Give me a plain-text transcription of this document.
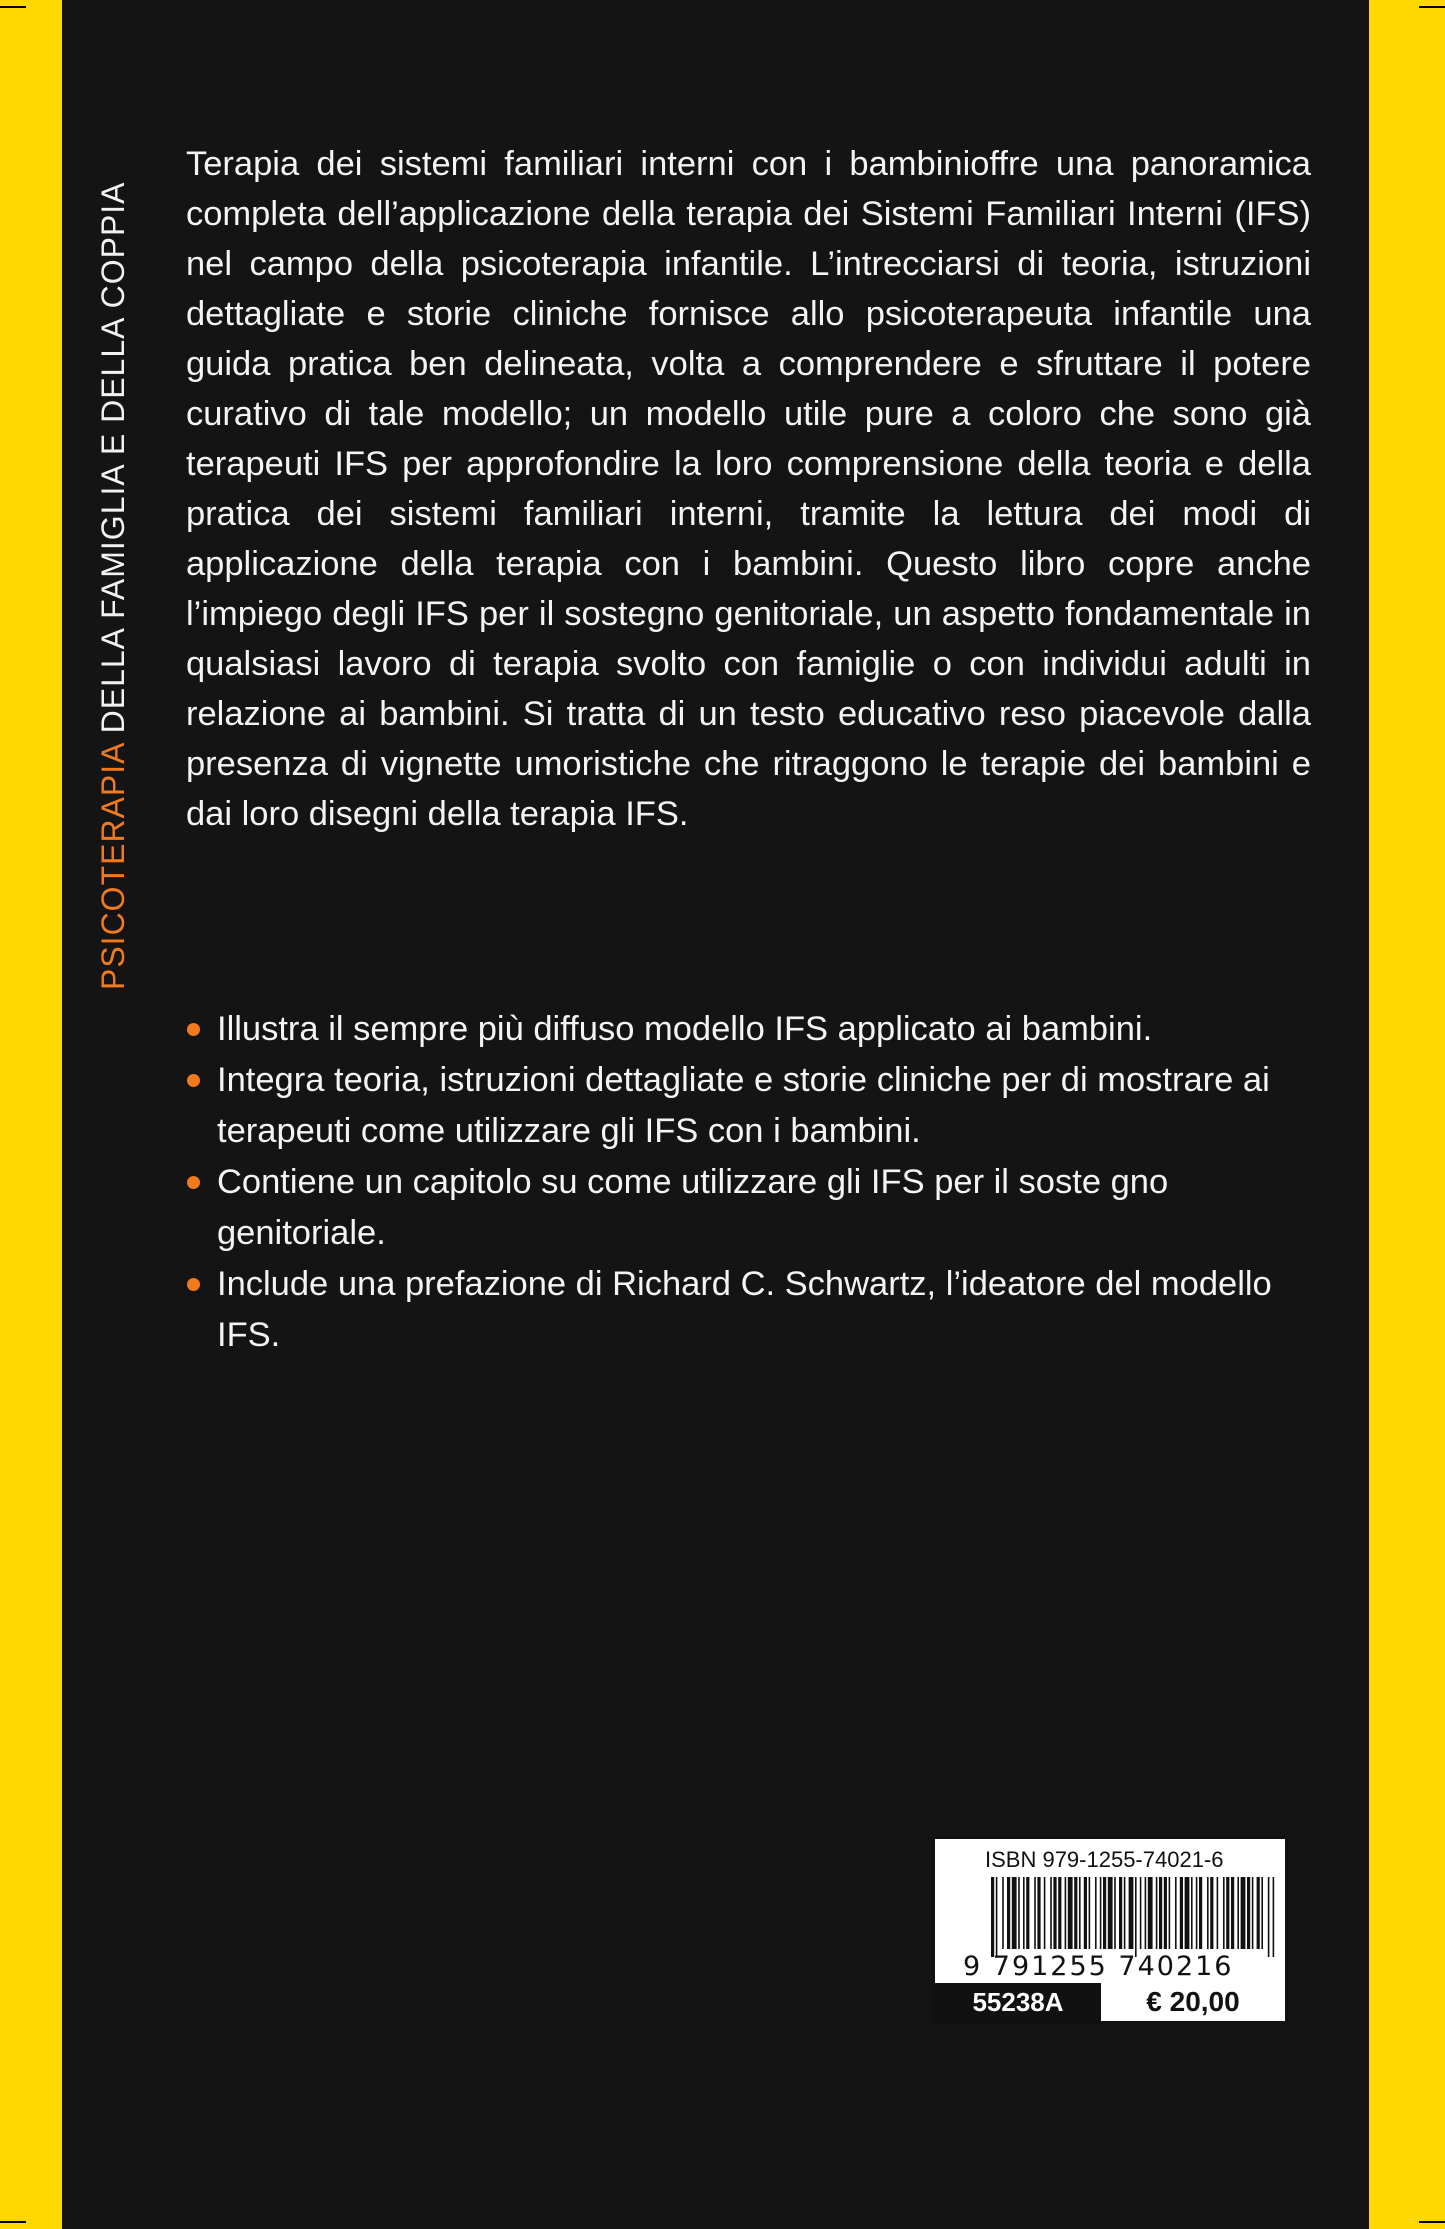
PSICOTERAPIA DELLA FAMIGLIA E DELLA COPPIA

Terapia dei sistemi familiari interni con i bambinioffre una panoramica completa dell’applicazione della terapia dei Sistemi Familiari Interni (IFS) nel campo della psicoterapia infantile. L’intrecciarsi di teoria, istruzioni dettagliate e storie cliniche fornisce allo psicoterapeuta infantile una guida pratica ben delineata, volta a comprendere e sfruttare il potere curativo di tale modello; un modello utile pure a coloro che sono già terapeuti IFS per approfondire la loro comprensione della teoria e della pratica dei sistemi familiari interni, tramite la lettura dei modi di applicazione della terapia con i bambini. Questo libro copre anche l’impiego degli IFS per il sostegno genitoriale, un aspetto fondamentale in qualsiasi lavoro di terapia svolto con famiglie o con individui adulti in relazione ai bambini. Si tratta di un testo educativo reso piacevole dalla presenza di vignette umoristiche che ritraggono le terapie dei bambini e dai loro disegni della terapia IFS.

Illustra il sempre più diffuso modello IFS applicato ai bambini.
Integra teoria, istruzioni dettagliate e storie cliniche per di mostrare ai terapeuti come utilizzare gli IFS con i bambini.
Contiene un capitolo su come utilizzare gli IFS per il soste gno genitoriale.
Include una prefazione di Richard C. Schwartz, l’ideatore del modello IFS.
ISBN 979-1255-74021-6
9 791255 740216
55238A	€ 20,00
